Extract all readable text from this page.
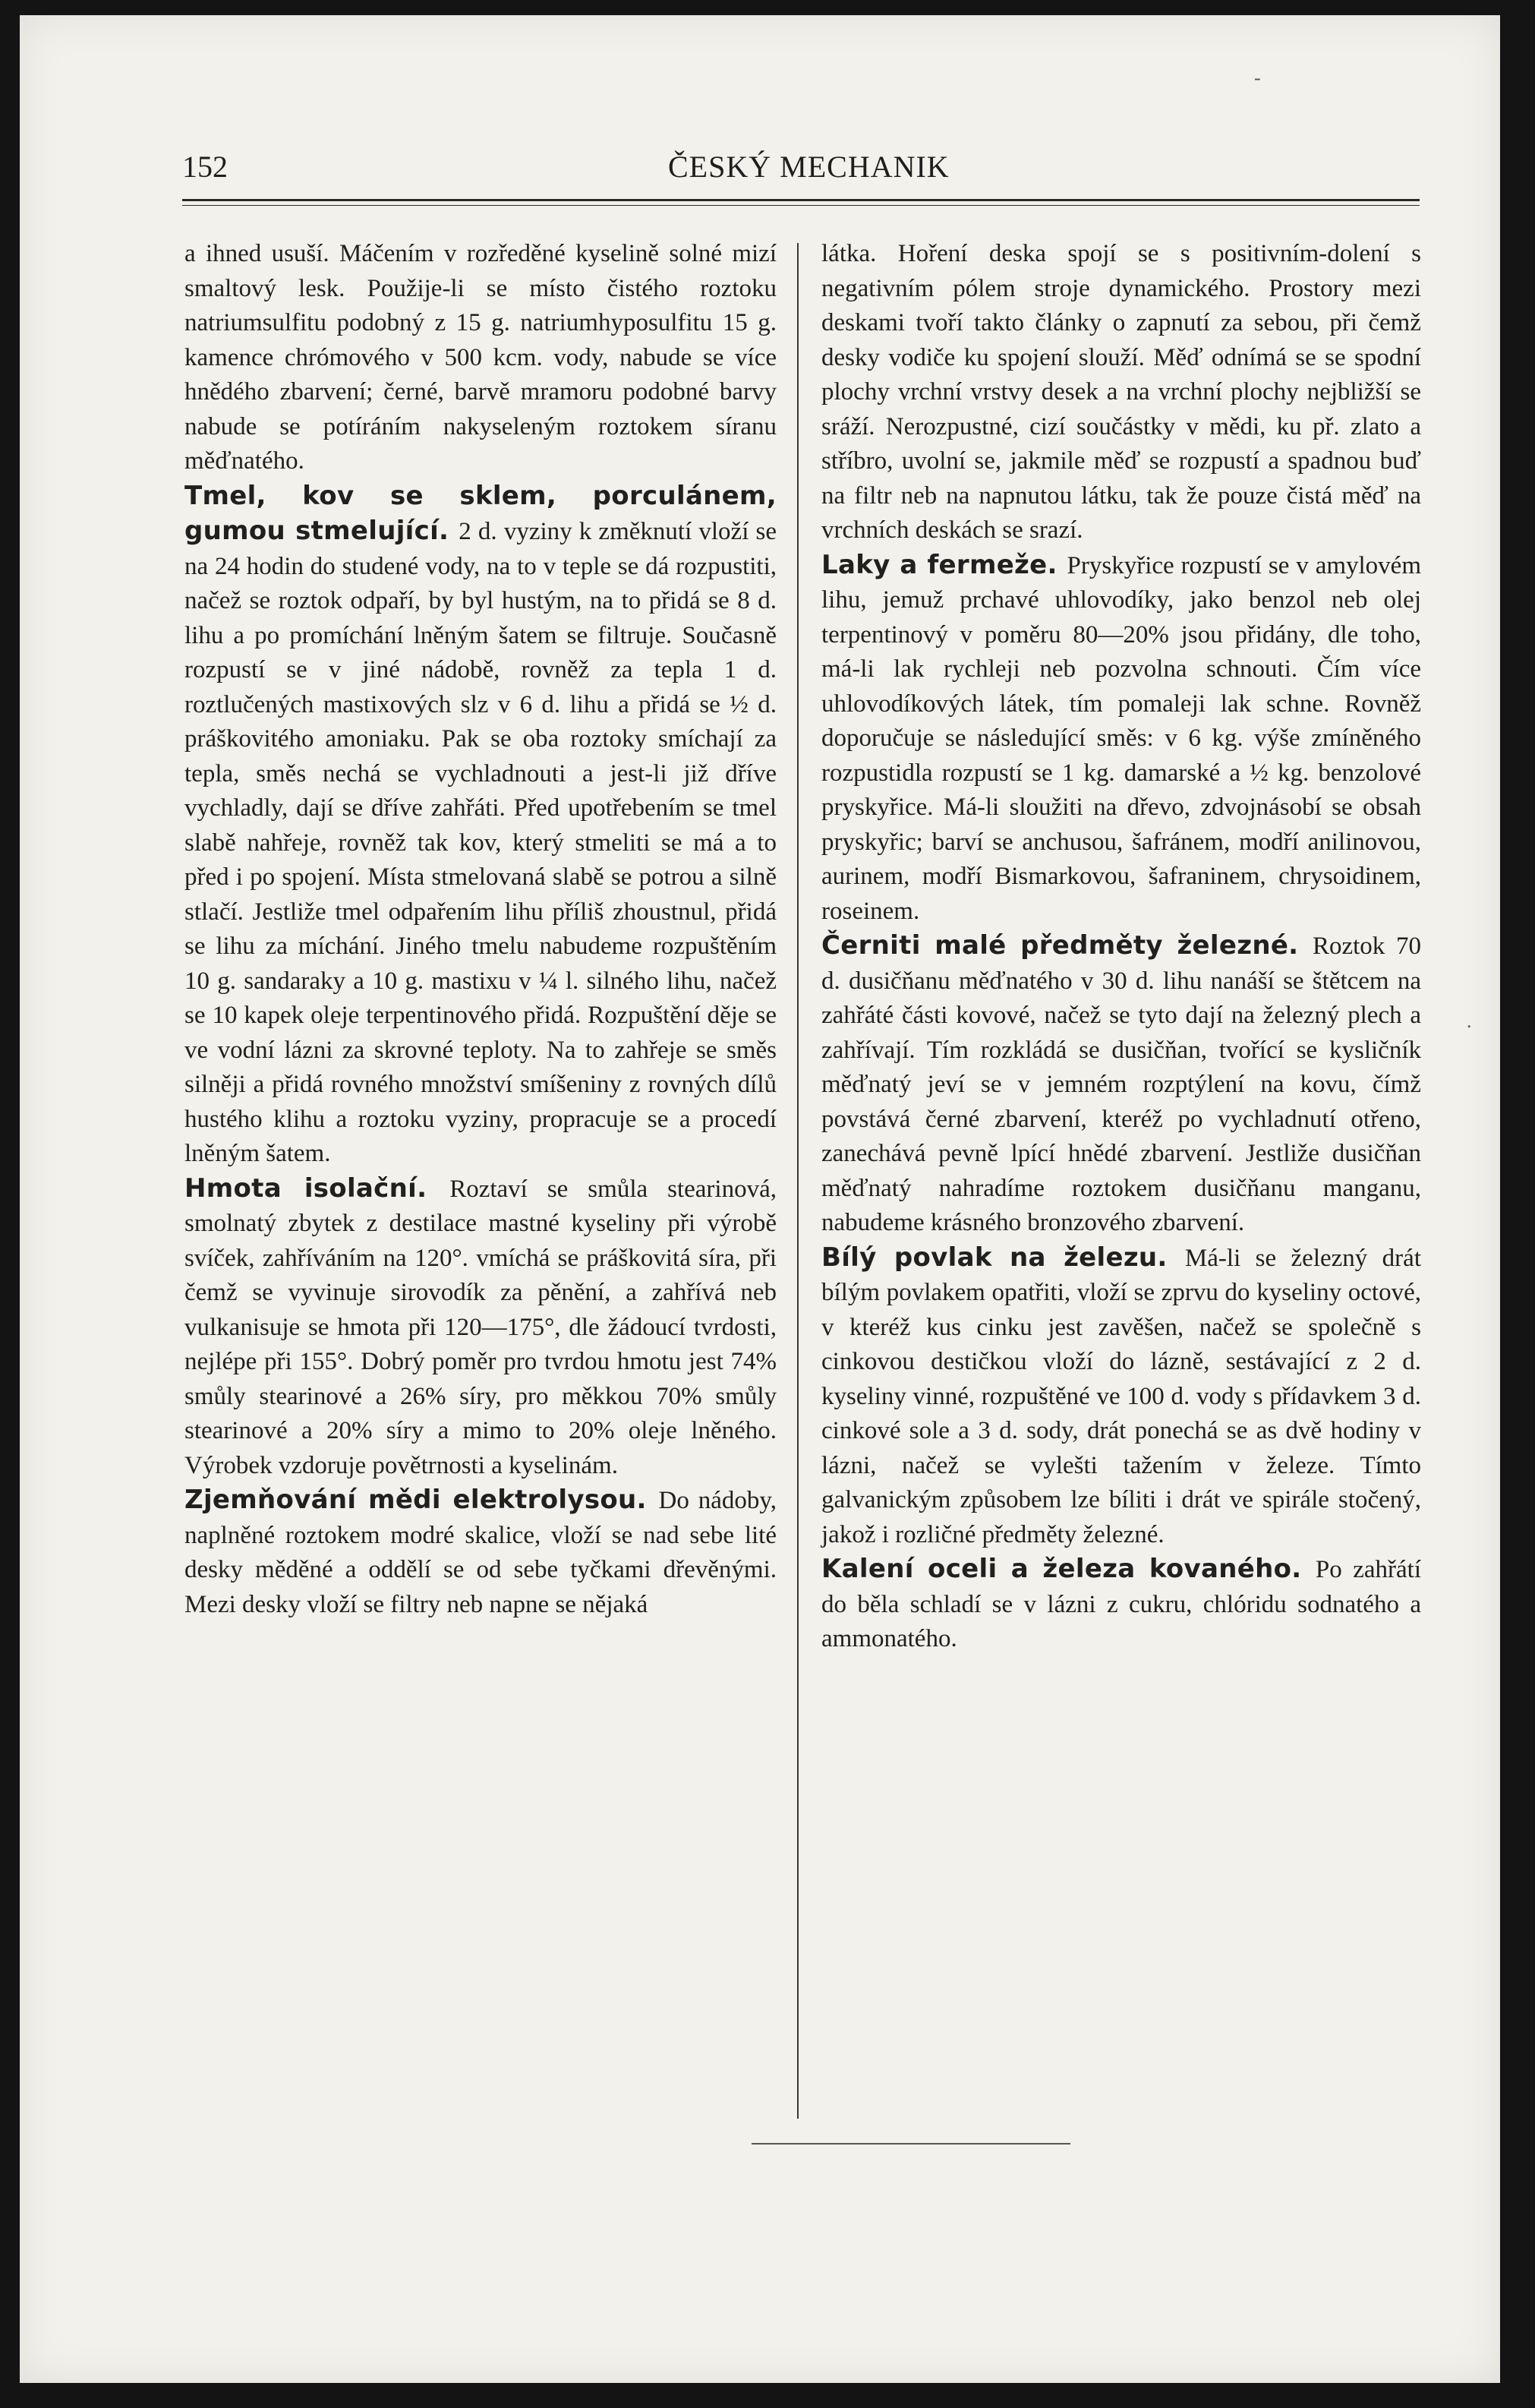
-
.
152	ČESKÝ MECHANIK

a ihned usuší. Máčením v rozředěné kyselině solné mizí smaltový lesk. Použije-li se místo čistého roztoku natriumsulfitu podobný z 15 g. natriumhyposulfitu 15 g. kamence chrómového v 500 kcm. vody, nabude se více hnědého zbarvení; černé, barvě mramoru podobné barvy nabude se potíráním nakyseleným roztokem síranu měďnatého.

Tmel, kov se sklem, porculánem, gumou stmelující. 2 d. vyziny k změknutí vloží se na 24 hodin do studené vody, na to v teple se dá rozpustiti, načež se roztok odpaří, by byl hustým, na to přidá se 8 d. lihu a po promíchání lněným šatem se filtruje. Současně rozpustí se v jiné nádobě, rovněž za tepla 1 d. roztlučených mastixových slz v 6 d. lihu a přidá se ½ d. práškovitého amoniaku. Pak se oba roztoky smíchají za tepla, směs nechá se vychladnouti a jest-li již dříve vychladly, dají se dříve zahřáti. Před upotřebením se tmel slabě nahřeje, rovněž tak kov, který stmeliti se má a to před i po spojení. Místa stmelovaná slabě se potrou a silně stlačí. Jestliže tmel odpařením lihu příliš zhoustnul, přidá se lihu za míchání. Jiného tmelu nabudeme rozpuštěním 10 g. sandaraky a 10 g. mastixu v ¼ l. silného lihu, načež se 10 kapek oleje terpentinového přidá. Rozpuštění děje se ve vodní lázni za skrovné teploty. Na to zahřeje se směs silněji a přidá rovného množství smíšeniny z rovných dílů hustého klihu a roztoku vyziny, propracuje se a procedí lněným šatem.

Hmota isolační. Roztaví se smůla stearinová, smolnatý zbytek z destilace mastné kyseliny při výrobě svíček, zahříváním na 120°. vmíchá se práškovitá síra, při čemž se vyvinuje sirovodík za pěnění, a zahřívá neb vulkanisuje se hmota při 120—175°, dle žádoucí tvrdosti, nejlépe při 155°. Dobrý poměr pro tvrdou hmotu jest 74% smůly stearinové a 26% síry, pro měkkou 70% smůly stearinové a 20% síry a mimo to 20% oleje lněného. Výrobek vzdoruje povětrnosti a kyselinám.

Zjemňování mědi elektrolysou. Do nádoby, naplněné roztokem modré skalice, vloží se nad sebe lité desky měděné a oddělí se od sebe tyčkami dřevěnými. Mezi desky vloží se filtry neb napne se nějaká

látka. Hoření deska spojí se s positivním-dolení s negativním pólem stroje dynamického. Prostory mezi deskami tvoří takto články o zapnutí za sebou, při čemž desky vodiče ku spojení slouží. Měď odnímá se se spodní plochy vrchní vrstvy desek a na vrchní plochy nejbližší se sráží. Nerozpustné, cizí součástky v mědi, ku př. zlato a stříbro, uvolní se, jakmile měď se rozpustí a spadnou buď na filtr neb na napnutou látku, tak že pouze čistá měď na vrchních deskách se srazí.

Laky a fermeže. Pryskyřice rozpustí se v amylovém lihu, jemuž prchavé uhlovodíky, jako benzol neb olej terpentinový v poměru 80—20% jsou přidány, dle toho, má-li lak rychleji neb pozvolna schnouti. Čím více uhlovodíkových látek, tím pomaleji lak schne. Rovněž doporučuje se následující směs: v 6 kg. výše zmíněného rozpustidla rozpustí se 1 kg. damarské a ½ kg. benzolové pryskyřice. Má-li sloužiti na dřevo, zdvojnásobí se obsah pryskyřic; barví se anchusou, šafránem, modří anilinovou, aurinem, modří Bismarkovou, šafraninem, chrysoidinem, roseinem.

Černiti malé předměty železné. Roztok 70 d. dusičňanu měďnatého v 30 d. lihu nanáší se štětcem na zahřáté části kovové, načež se tyto dají na železný plech a zahřívají. Tím rozkládá se dusičňan, tvořící se kysličník měďnatý jeví se v jemném rozptýlení na kovu, čímž povstává černé zbarvení, kteréž po vychladnutí otřeno, zanechává pevně lpící hnědé zbarvení. Jestliže dusičňan měďnatý nahradíme roztokem dusičňanu manganu, nabudeme krásného bronzového zbarvení.

Bílý povlak na železu. Má-li se železný drát bílým povlakem opatřiti, vloží se zprvu do kyseliny octové, v kteréž kus cinku jest zavěšen, načež se společně s cinkovou destičkou vloží do lázně, sestávající z 2 d. kyseliny vinné, rozpuštěné ve 100 d. vody s přídavkem 3 d. cinkové sole a 3 d. sody, drát ponechá se as dvě hodiny v lázni, načež se vylešti tažením v železe. Tímto galvanickým způsobem lze bíliti i drát ve spirále stočený, jakož i rozličné předměty železné.

Kalení oceli a železa kovaného. Po zahřátí do běla schladí se v lázni z cukru, chlóridu sodnatého a ammonatého.
